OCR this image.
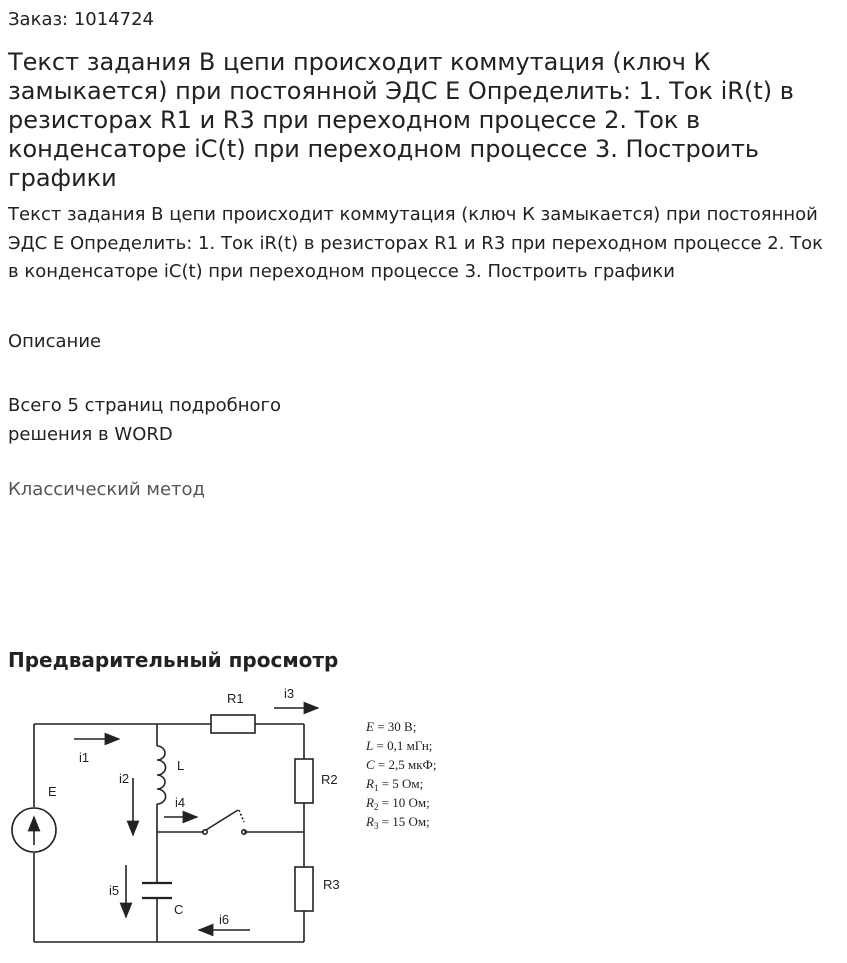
Заказ: 1014724
Текст задания В цепи происходит коммутация (ключ К замыкается) при постоянной ЭДС Е Определить: 1. Ток iR(t) в резисторах R1 и R3 при переходном процессе 2. Ток в конденсаторе iC(t) при переходном процессе 3. Построить графики

Текст задания В цепи происходит коммутация (ключ К замыкается) при постоянной ЭДС Е Определить: 1. Ток iR(t) в резисторах R1 и R3 при переходном процессе 2. Ток в конденсаторе iC(t) при переходном процессе 3. Построить графики

Описание

Всего 5 страниц подробного решения в WORD

Классический метод
Предварительный просмотр
R1
R2
R3
L
C
E
i1
i2
i3
i4
i5
i6
E = 30 В;
L = 0,1 мГн;
C = 2,5 мкФ;
$R_1 = 5$ Ом;
$R_2 = 10$ Ом;
$R_3 = 15$ Ом;
